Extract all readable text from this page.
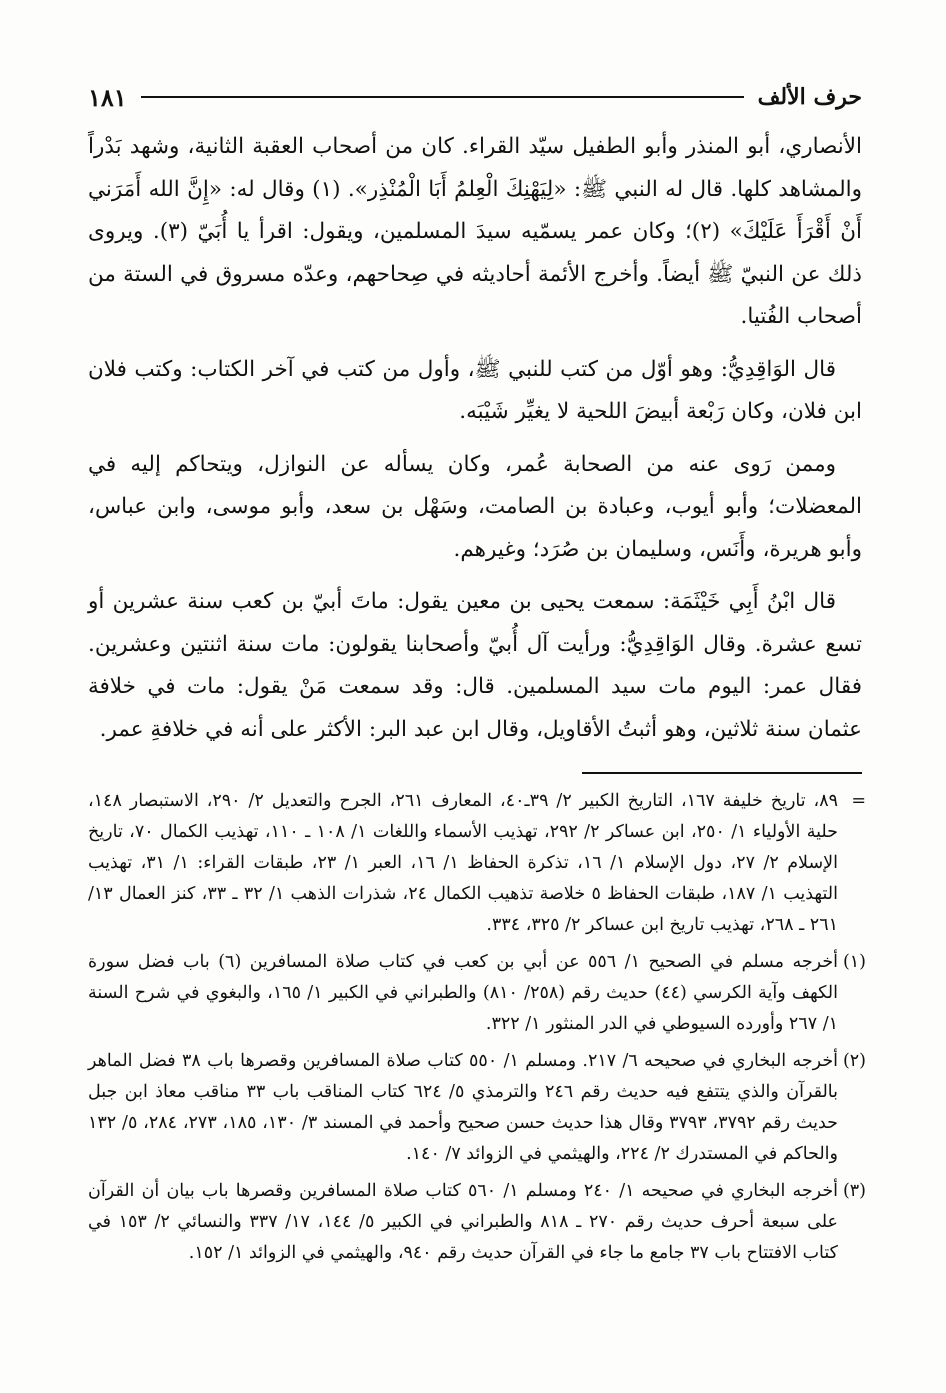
حرف الألف
١٨١

الأنصاري، أبو المنذر وأبو الطفيل سيّد القراء. كان من أصحاب العقبة الثانية، وشهد بَدْراً والمشاهد كلها. قال له النبي ﷺ: «لِيَهْنِكَ الْعِلمُ أَبَا الْمُنْذِر». (١) وقال له: «إِنَّ الله أَمَرَني أَنْ أَقْرَأَ عَلَيْكَ» (٢)؛ وكان عمر يسمّيه سيدَ المسلمين، ويقول: اقرأ يا أُبَيّ (٣). ويروى ذلك عن النبيّ ﷺ أيضاً. وأخرج الأئمة أحاديثه في صِحاحهم، وعدّه مسروق في الستة من أصحاب الفُتيا.

قال الوَاقِدِيُّ: وهو أوّل من كتب للنبي ﷺ، وأول من كتب في آخر الكتاب: وكتب فلان ابن فلان، وكان رَبْعة أبيضَ اللحية لا يغيِّر شَيْبَه.

وممن رَوى عنه من الصحابة عُمر، وكان يسأله عن النوازل، ويتحاكم إليه في المعضلات؛ وأبو أيوب، وعبادة بن الصامت، وسَهْل بن سعد، وأبو موسى، وابن عباس، وأبو هريرة، وأَنَس، وسليمان بن صُرَد؛ وغيرهم.

قال ابْنُ أَبِي خَيْثَمَة: سمعت يحيى بن معين يقول: ماتَ أبيّ بن كعب سنة عشرين أو تسع عشرة. وقال الوَاقِدِيُّ: ورأيت آل أُبيّ وأصحابنا يقولون: مات سنة اثنتين وعشرين. فقال عمر: اليوم مات سيد المسلمين. قال: وقد سمعت مَنْ يقول: مات في خلافة عثمان سنة ثلاثين، وهو أثبتُ الأقاويل، وقال ابن عبد البر: الأكثر على أنه في خلافةِ عمر.

=
٨٩، تاريخ خليفة ١٦٧، التاريخ الكبير ٢/ ٣٩ـ٤٠، المعارف ٢٦١، الجرح والتعديل ٢/ ٢٩٠، الاستبصار ١٤٨، حلية الأولياء ١/ ٢٥٠، ابن عساكر ٢/ ٢٩٢، تهذيب الأسماء واللغات ١/ ١٠٨ ـ ١١٠، تهذيب الكمال ٧٠، تاريخ الإسلام ٢/ ٢٧، دول الإسلام ١/ ١٦، تذكرة الحفاظ ١/ ١٦، العبر ١/ ٢٣، طبقات القراء: ١/ ٣١، تهذيب التهذيب ١/ ١٨٧، طبقات الحفاظ ٥ خلاصة تذهيب الكمال ٢٤، شذرات الذهب ١/ ٣٢ ـ ٣٣، كنز العمال ١٣/ ٢٦١ ـ ٢٦٨، تهذيب تاريخ ابن عساكر ٢/ ٣٢٥، ٣٣٤.

(١)
أخرجه مسلم في الصحيح ١/ ٥٥٦ عن أبي بن كعب في كتاب صلاة المسافرين (٦) باب فضل سورة الكهف وآية الكرسي (٤٤) حديث رقم (٢٥٨/ ٨١٠) والطبراني في الكبير ١/ ١٦٥، والبغوي في شرح السنة ١/ ٢٦٧ وأورده السيوطي في الدر المنثور ١/ ٣٢٢.

(٢)
أخرجه البخاري في صحيحه ٦/ ٢١٧. ومسلم ١/ ٥٥٠ كتاب صلاة المسافرين وقصرها باب ٣٨ فضل الماهر بالقرآن والذي يتتفع فيه حديث رقم ٢٤٦ والترمذي ٥/ ٦٢٤ كتاب المناقب باب ٣٣ مناقب معاذ ابن جبل حديث رقم ٣٧٩٢، ٣٧٩٣ وقال هذا حديث حسن صحيح وأحمد في المسند ٣/ ١٣٠، ١٨٥، ٢٧٣، ٢٨٤، ٥/ ١٣٢ والحاكم في المستدرك ٢/ ٢٢٤، والهيثمي في الزوائد ٧/ ١٤٠.

(٣)
أخرجه البخاري في صحيحه ١/ ٢٤٠ ومسلم ١/ ٥٦٠ كتاب صلاة المسافرين وقصرها باب بيان أن القرآن على سبعة أحرف حديث رقم ٢٧٠ ـ ٨١٨ والطبراني في الكبير ٥/ ١٤٤، ١٧/ ٣٣٧ والنسائي ٢/ ١٥٣ في كتاب الافتتاح باب ٣٧ جامع ما جاء في القرآن حديث رقم ٩٤٠، والهيثمي في الزوائد ١/ ١٥٢.
